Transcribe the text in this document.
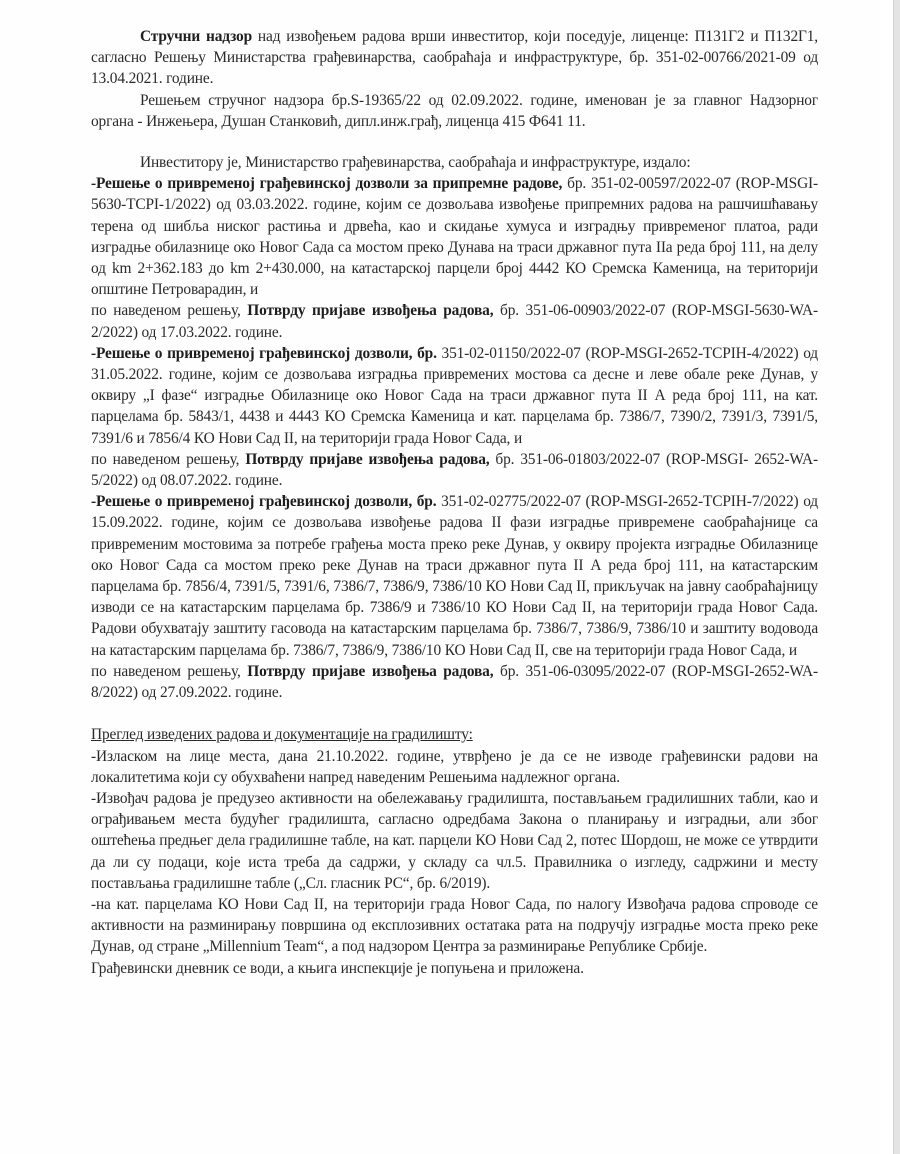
Стручни надзор над извођењем радова врши инвеститор, који поседује, лиценце: П131Г2 и П132Г1, сагласно Решењу Министарства грађевинарства, саобраћаја и инфраструктуре, бр. 351-02-00766/2021-09 од 13.04.2021. године.

Решењем стручног надзора бр.S-19365/22 од 02.09.2022. године, именован је за главног Надзорног органа - Инжењера, Душан Станковић, дипл.инж.грађ, лиценца 415 Ф641 11.

Инвеститору је, Министарство грађевинарства, саобраћаја и инфраструктуре, издало:

-Решење о привременој грађевинској дозволи за припремне радове, бр. 351-02-00597/2022-07 (ROP-MSGI-5630-TCPI-1/2022) од 03.03.2022. године, којим се дозвољава извођење припремних радова на рашчишћавању терена од шибља ниског растиња и дрвећа, као и скидање хумуса и изградњу привременог платоа, ради изградње обилазнице око Новог Сада са мостом преко Дунава на траси државног пута IIa реда број 111, на делу од km 2+362.183 до km 2+430.000, на катастарској парцели број 4442 КО Сремска Каменица, на територији општине Петроварадин, и

по наведеном решењу, Потврду пријаве извођења радова, бр. 351-06-00903/2022-07 (ROP-MSGI-5630-WA-2/2022) од 17.03.2022. године.

-Решење о привременој грађевинској дозволи, бр. 351-02-01150/2022-07 (ROP-MSGI-2652-TCPIH-4/2022) од 31.05.2022. године, којим се дозвољава изградња привремених мостова са десне и леве обале реке Дунав, у оквиру „I фазе“ изградње Обилазнице око Новог Сада на траси државног пута II А реда број 111, на кат. парцелама бр. 5843/1, 4438 и 4443 КО Сремска Каменица и кат. парцелама бр. 7386/7, 7390/2, 7391/3, 7391/5, 7391/6 и 7856/4 КО Нови Сад II, на територији града Новог Сада, и

по наведеном решењу, Потврду пријаве извођења радова, бр. 351-06-01803/2022-07 (ROP-MSGI- 2652-WA-5/2022) од 08.07.2022. године.

-Решење о привременој грађевинској дозволи, бр. 351-02-02775/2022-07 (ROP-MSGI-2652-TCPIH-7/2022) од 15.09.2022. године, којим се дозвољава извођење радова II фази изградње привремене саобраћајнице са привременим мостовима за потребе грађења моста преко реке Дунав, у оквиру пројекта изградње Обилазнице око Новог Сада са мостом преко реке Дунав на траси државног пута II А реда број 111, на катастарским парцелама бр. 7856/4, 7391/5, 7391/6, 7386/7, 7386/9, 7386/10 КО Нови Сад II, прикључак на јавну саобраћајницу изводи се на катастарским парцелама бр. 7386/9 и 7386/10 КО Нови Сад II, на територији града Новог Сада. Радови обухватају заштиту гасовода на катастарским парцелама бр. 7386/7, 7386/9, 7386/10 и заштиту водовода на катастарским парцелама бр. 7386/7, 7386/9, 7386/10 КО Нови Сад II, све на територији града Новог Сада, и

по наведеном решењу, Потврду пријаве извођења радова, бр. 351-06-03095/2022-07 (ROP-MSGI-2652-WA-8/2022) од 27.09.2022. године.

Преглед изведених радова и документације на градилишту:

-Изласком на лице места, дана 21.10.2022. године, утврђено је да се не изводе грађевински радови на локалитетима који су обухваћени напред наведеним Решењима надлежног органа.

-Извођач радова је предузео активности на обележавању градилишта, постављањем градилишних табли, као и ограђивањем места будућег градилишта, сагласно одредбама Закона о планирању и изградњи, али због оштећења предњег дела градилишне табле, на кат. парцели КО Нови Сад 2, потес Шордош, не може се утврдити да ли су подаци, које иста треба да садржи, у складу са чл.5. Правилника о изгледу, садржини и месту постављања градилишне табле („Сл. гласник РС“, бр. 6/2019).

-на кат. парцелама КО Нови Сад II, на територији града Новог Сада, по налогу Извођача радова спроводе се активности на разминирању површина од експлозивних остатака рата на подручју изградње моста преко реке Дунав, од стране „Millennium Team“, а под надзором Центра за разминирање Републике Србије.

Грађевински дневник се води, а књига инспекције је попуњена и приложена.
